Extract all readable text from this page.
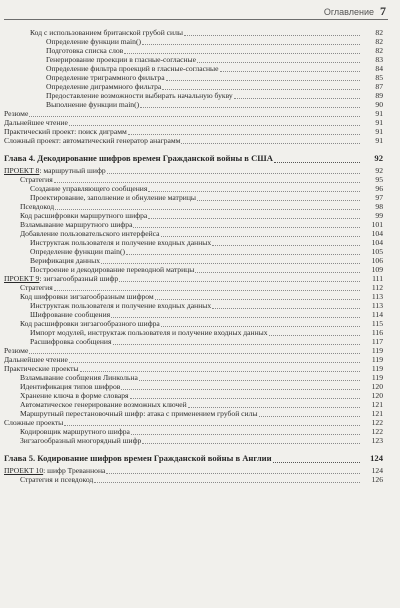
Оглавление 7
Код с использованием британской грубой силы	82
Определение функции main()	82
Подготовка списка слов	82
Генерирование проекции в гласные-согласные	83
Определение фильтра проекций в гласные-согласные	84
Определение триграммного фильтра	85
Определение диграммного фильтра	87
Предоставление возможности выбирать начальную букву	89
Выполнение функции main()	90
Резюме	91
Дальнейшее чтение	91
Практический проект: поиск диграмм	91
Сложный проект: автоматический генератор анаграмм	91
Глава 4. Декодирование шифров времен Гражданской войны в США	92
ПРОЕКТ 8: маршрутный шифр	92
Стратегия	95
Создание управляющего сообщения	96
Проектирование, заполнение и обнуление матрицы	97
Псевдокод	98
Код расшифровки маршрутного шифра	99
Взламывание маршрутного шифра	101
Добавление пользовательского интерфейса	104
Инструктаж пользователя и получение входных данных	104
Определение функции main()	105
Верификация данных	106
Построение и декодирование переводной матрицы	109
ПРОЕКТ 9: зигзагообразный шифр	111
Стратегия	112
Код шифровки зигзагообразным шифром	113
Инструктаж пользователя и получение входных данных	113
Шифрование сообщения	114
Код расшифровки зигзагообразного шифра	115
Импорт модулей, инструктаж пользователя и получение входных данных	116
Расшифровка сообщения	117
Резюме	119
Дальнейшее чтение	119
Практические проекты	119
Взламывание сообщения Линкольна	119
Идентификация типов шифров	120
Хранение ключа в форме словаря	120
Автоматическое генерирование возможных ключей	121
Маршрутный перестановочный шифр: атака с применением грубой силы	121
Сложные проекты	122
Кодировщик маршрутного шифра	122
Зигзагообразный многорядный шифр	123
Глава 5. Кодирование шифров времен Гражданской войны в Англии	124
ПРОЕКТ 10: шифр Треваннона	124
Стратегия и псевдокод	126
